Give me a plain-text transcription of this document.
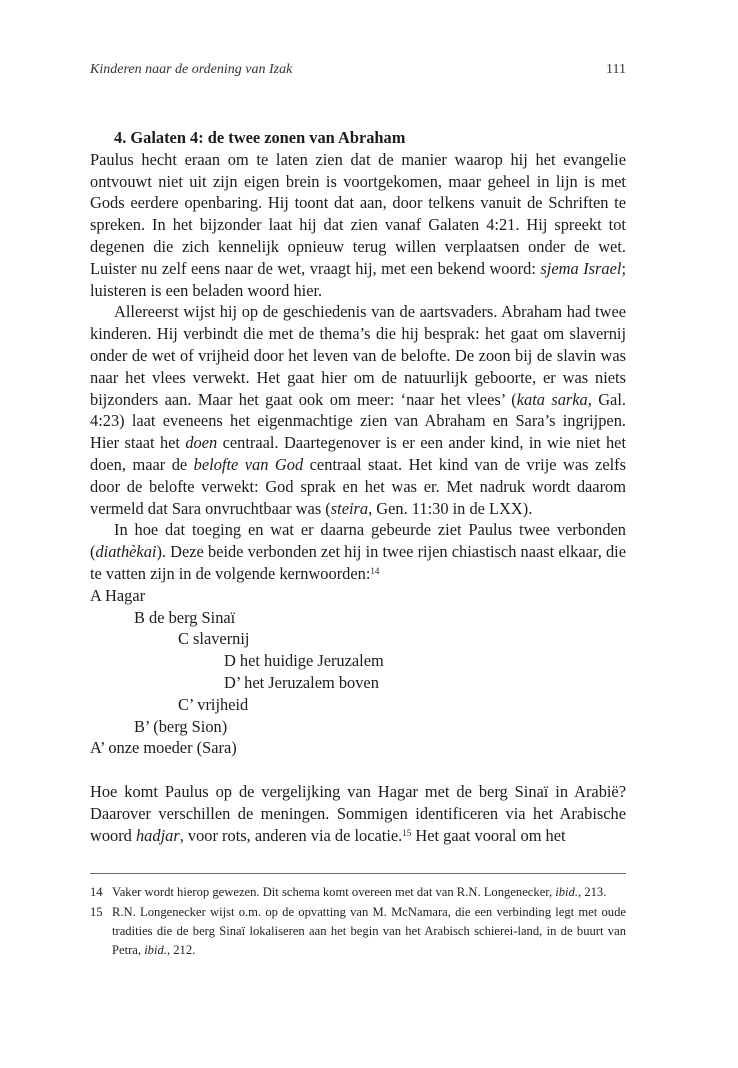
Kinderen naar de ordening van Izak	111

4. Galaten 4: de twee zonen van Abraham

Paulus hecht eraan om te laten zien dat de manier waarop hij het evangelie ontvouwt niet uit zijn eigen brein is voortgekomen, maar geheel in lijn is met Gods eerdere openbaring. Hij toont dat aan, door telkens vanuit de Schriften te spreken. In het bijzonder laat hij dat zien vanaf Galaten 4:21. Hij spreekt tot degenen die zich kennelijk opnieuw terug willen verplaatsen onder de wet. Luister nu zelf eens naar de wet, vraagt hij, met een bekend woord: sjema Israel; luisteren is een beladen woord hier.

Allereerst wijst hij op de geschiedenis van de aartsvaders. Abraham had twee kinderen. Hij verbindt die met de thema’s die hij besprak: het gaat om slavernij onder de wet of vrijheid door het leven van de belofte. De zoon bij de slavin was naar het vlees verwekt. Het gaat hier om de natuurlijk geboorte, er was niets bijzonders aan. Maar het gaat ook om meer: ‘naar het vlees’ (kata sarka, Gal. 4:23) laat eveneens het eigenmachtige zien van Abraham en Sara’s ingrijpen. Hier staat het doen centraal. Daartegenover is er een ander kind, in wie niet het doen, maar de belofte van God centraal staat. Het kind van de vrije was zelfs door de belofte verwekt: God sprak en het was er. Met nadruk wordt daarom vermeld dat Sara onvruchtbaar was (steira, Gen. 11:30 in de LXX).

In hoe dat toeging en wat er daarna gebeurde ziet Paulus twee verbonden (diathèkai). Deze beide verbonden zet hij in twee rijen chiastisch naast elkaar, die te vatten zijn in de volgende kernwoorden:$^{14}$

A Hagar
B de berg Sinaï
C slavernij
D het huidige Jeruzalem
D’ het Jeruzalem boven
C’ vrijheid
B’ (berg Sion)
A’ onze moeder (Sara)

Hoe komt Paulus op de vergelijking van Hagar met de berg Sinaï in Arabië? Daarover verschillen de meningen. Sommigen identificeren via het Arabische woord hadjar, voor rots, anderen via de locatie.$^{15}$ Het gaat vooral om het

14 Vaker wordt hierop gewezen. Dit schema komt overeen met dat van R.N. Longenecker, ibid., 213.
15 R.N. Longenecker wijst o.m. op de opvatting van M. McNamara, die een verbinding legt met oude tradities die de berg Sinaï lokaliseren aan het begin van het Arabisch schierei-land, in de buurt van Petra, ibid., 212.
